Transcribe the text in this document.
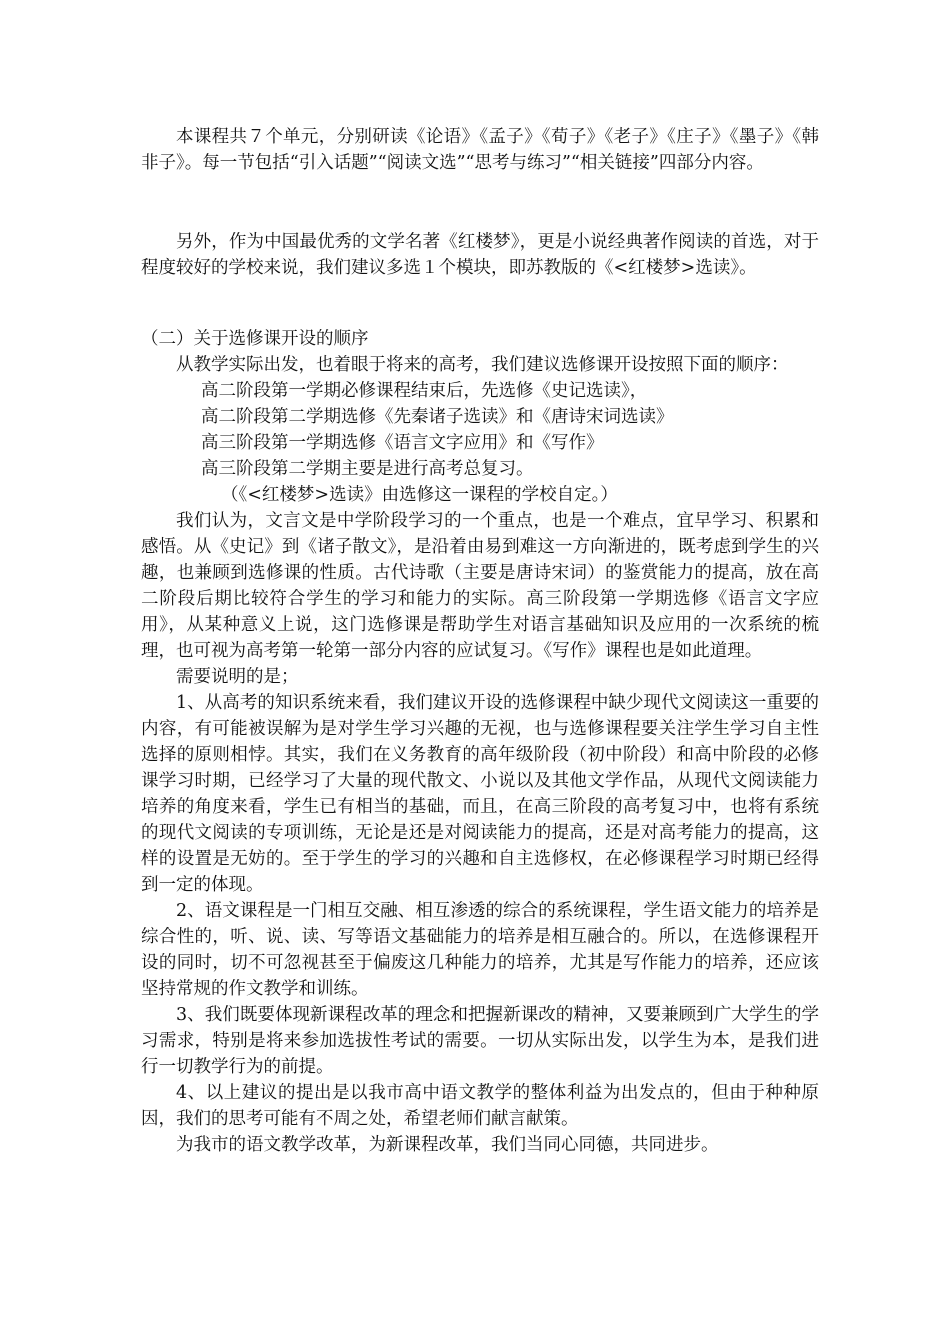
本课程共７个单元，分别研读《论语》《孟子》《荀子》《老子》《庄子》《墨子》《韩非子》。每一节包括“引入话题”“阅读文选”“思考与练习”“相关链接”四部分内容。

另外，作为中国最优秀的文学名著《红楼梦》，更是小说经典著作阅读的首选，对于程度较好的学校来说，我们建议多选１个模块，即苏教版的《<红楼梦>选读》。

（二）关于选修课开设的顺序

从教学实际出发，也着眼于将来的高考，我们建议选修课开设按照下面的顺序：

高二阶段第一学期必修课程结束后，先选修《史记选读》，

高二阶段第二学期选修《先秦诸子选读》和《唐诗宋词选读》

高三阶段第一学期选修《语言文字应用》和《写作》

高三阶段第二学期主要是进行高考总复习。

（《<红楼梦>选读》由选修这一课程的学校自定。）

我们认为，文言文是中学阶段学习的一个重点，也是一个难点，宜早学习、积累和感悟。从《史记》到《诸子散文》，是沿着由易到难这一方向渐进的，既考虑到学生的兴趣，也兼顾到选修课的性质。古代诗歌（主要是唐诗宋词）的鉴赏能力的提高，放在高二阶段后期比较符合学生的学习和能力的实际。高三阶段第一学期选修《语言文字应用》，从某种意义上说，这门选修课是帮助学生对语言基础知识及应用的一次系统的梳理，也可视为高考第一轮第一部分内容的应试复习。《写作》课程也是如此道理。

需要说明的是；

1、从高考的知识系统来看，我们建议开设的选修课程中缺少现代文阅读这一重要的内容，有可能被误解为是对学生学习兴趣的无视，也与选修课程要关注学生学习自主性选择的原则相悖。其实，我们在义务教育的高年级阶段（初中阶段）和高中阶段的必修课学习时期，已经学习了大量的现代散文、小说以及其他文学作品，从现代文阅读能力培养的角度来看，学生已有相当的基础，而且，在高三阶段的高考复习中，也将有系统的现代文阅读的专项训练，无论是还是对阅读能力的提高，还是对高考能力的提高，这样的设置是无妨的。至于学生的学习的兴趣和自主选修权，在必修课程学习时期已经得到一定的体现。

2、语文课程是一门相互交融、相互渗透的综合的系统课程，学生语文能力的培养是综合性的，听、说、读、写等语文基础能力的培养是相互融合的。所以，在选修课程开设的同时，切不可忽视甚至于偏废这几种能力的培养，尤其是写作能力的培养，还应该坚持常规的作文教学和训练。

3、我们既要体现新课程改革的理念和把握新课改的精神，又要兼顾到广大学生的学习需求，特别是将来参加选拔性考试的需要。一切从实际出发，以学生为本，是我们进行一切教学行为的前提。

4、以上建议的提出是以我市高中语文教学的整体利益为出发点的，但由于种种原因，我们的思考可能有不周之处，希望老师们献言献策。

为我市的语文教学改革，为新课程改革，我们当同心同德，共同进步。
